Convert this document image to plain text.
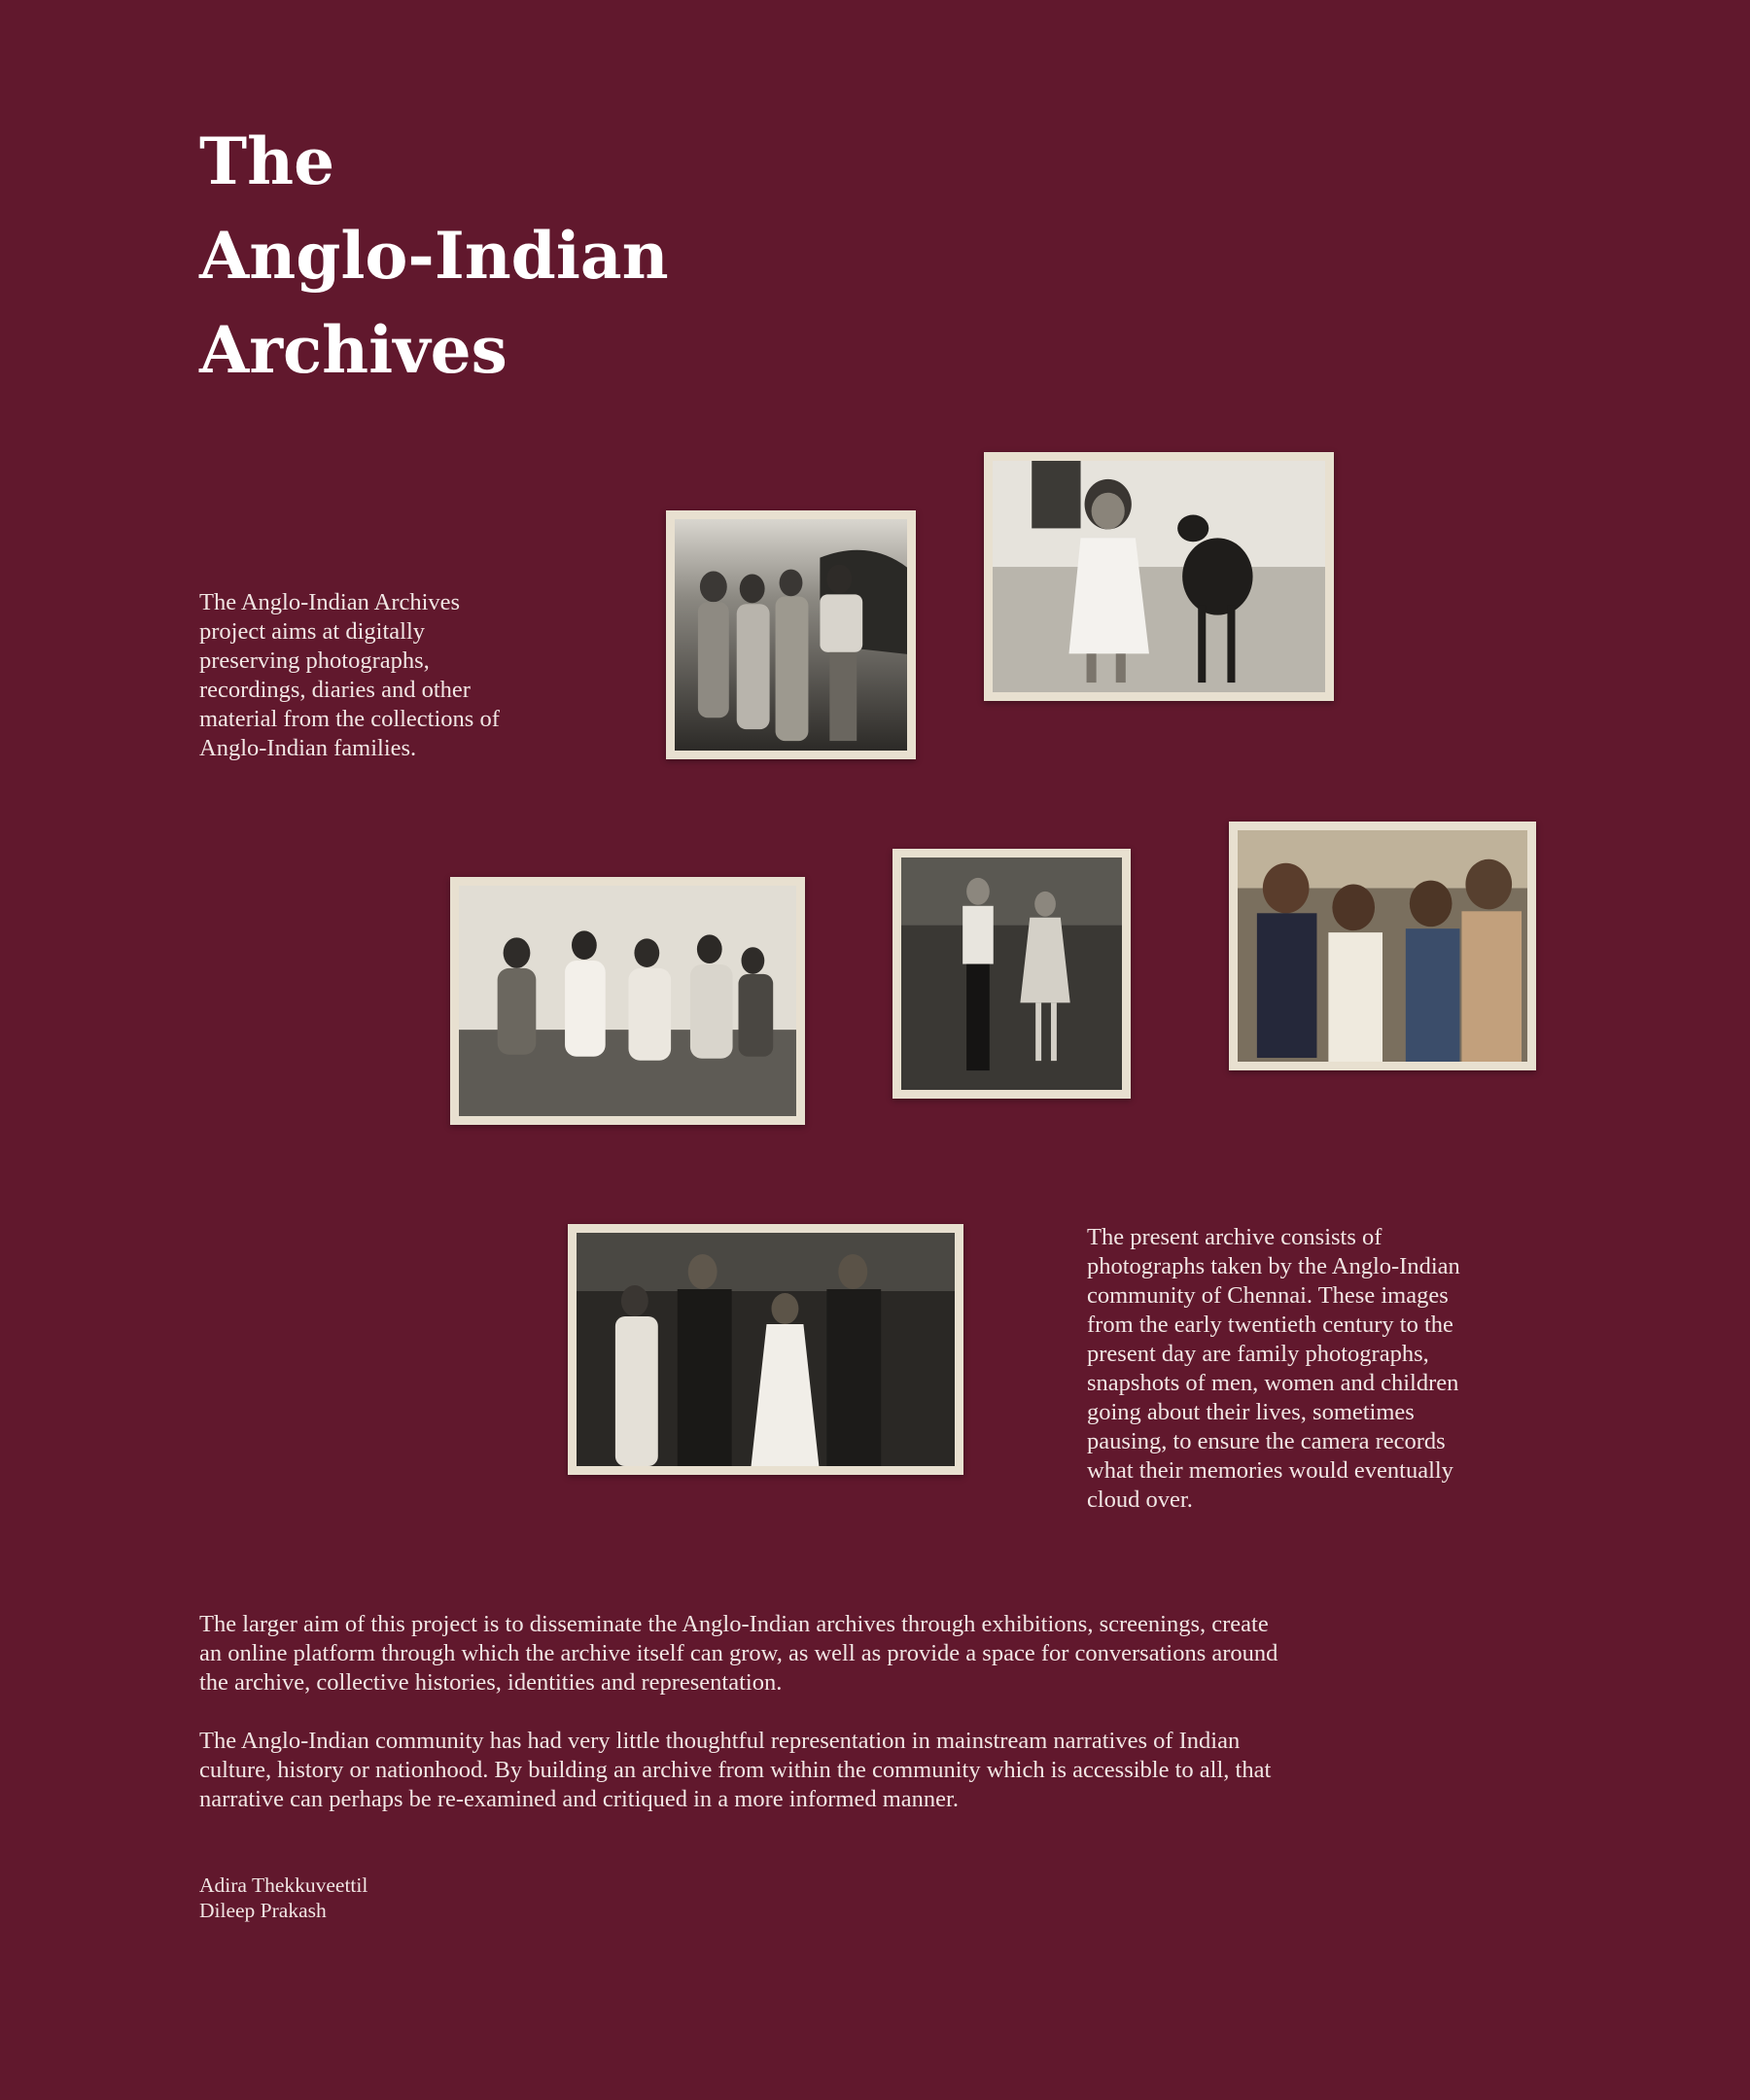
The
Anglo-Indian
Archives

The Anglo-Indian Archives
project aims at digitally
preserving photographs,
recordings, diaries and other
material from the collections of
Anglo-Indian families.

The present archive consists of
photographs taken by the Anglo-Indian
community of Chennai. These images
from the early twentieth century to the
present day are family photographs,
snapshots of men, women and children
going about their lives, sometimes
pausing, to ensure the camera records
what their memories would eventually
cloud over.

The larger aim of this project is to disseminate the Anglo-Indian archives through exhibitions, screenings, create
an online platform through which the archive itself can grow, as well as provide a space for conversations around
the archive, collective histories, identities and representation.

The Anglo-Indian community has had very little thoughtful representation in mainstream narratives of Indian
culture, history or nationhood. By building an archive from within the community which is accessible to all, that
narrative can perhaps be re-examined and critiqued in a more informed manner.

Adira Thekkuveettil
Dileep Prakash
